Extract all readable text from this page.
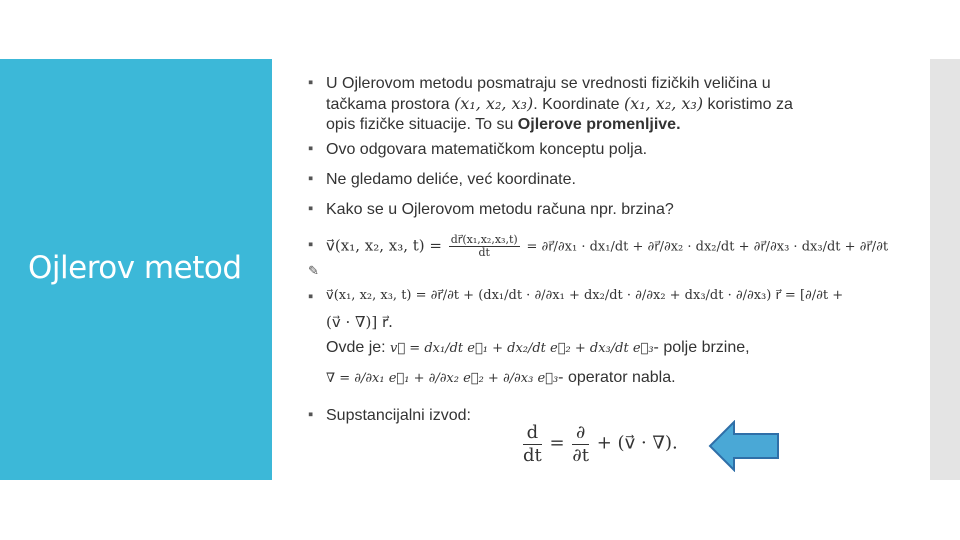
Ojlerov metod
▪ U Ojlerovom metodu posmatraju se vrednosti fizičkih veličina u
tačkama prostora (x₁, x₂, x₃). Koordinate (x₁, x₂, x₃) koristimo za
opis fizičke situacije. To su Ojlerove promenljive.
▪ Ovo odgovara matematičkom konceptu polja.
▪ Ne gledamo deliće, već koordinate.
▪ Kako se u Ojlerovom metodu računa npr. brzina?
▪ v⃗(x₁, x₂, x₃, $t) = \frac{\text{dr⃗(x₁,x₂,x₃,t)}}{dt}$ = ∂r⃗/∂x₁ · dx₁/dt + ∂r⃗/∂x₂ · dx₂/dt + ∂r⃗/∂x₃ · dx₃/dt + ∂r⃗/∂t
✎
▪ v⃗(x₁, x₂, x₃, t) = ∂r⃗/∂t + (dx₁/dt · ∂/∂x₁ + dx₂/dt · ∂/∂x₂ + dx₃/dt · ∂/∂x₃) r⃗ = [∂/∂t +
(v⃗ · ∇)] r⃗.
Ovde je: v⃗ = dx₁/dt e⃗₁ + dx₂/dt e⃗₂ + dx₃/dt e⃗₃- polje brzine,
∇ = ∂/∂x₁ e⃗₁ + ∂/∂x₂ e⃗₂ + ∂/∂x₃ e⃗₃- operator nabla.
▪ Supstancijalni izvod:
$\frac{d}{dt}$ = ∂
∂t
+ (v⃗ · ∇).
